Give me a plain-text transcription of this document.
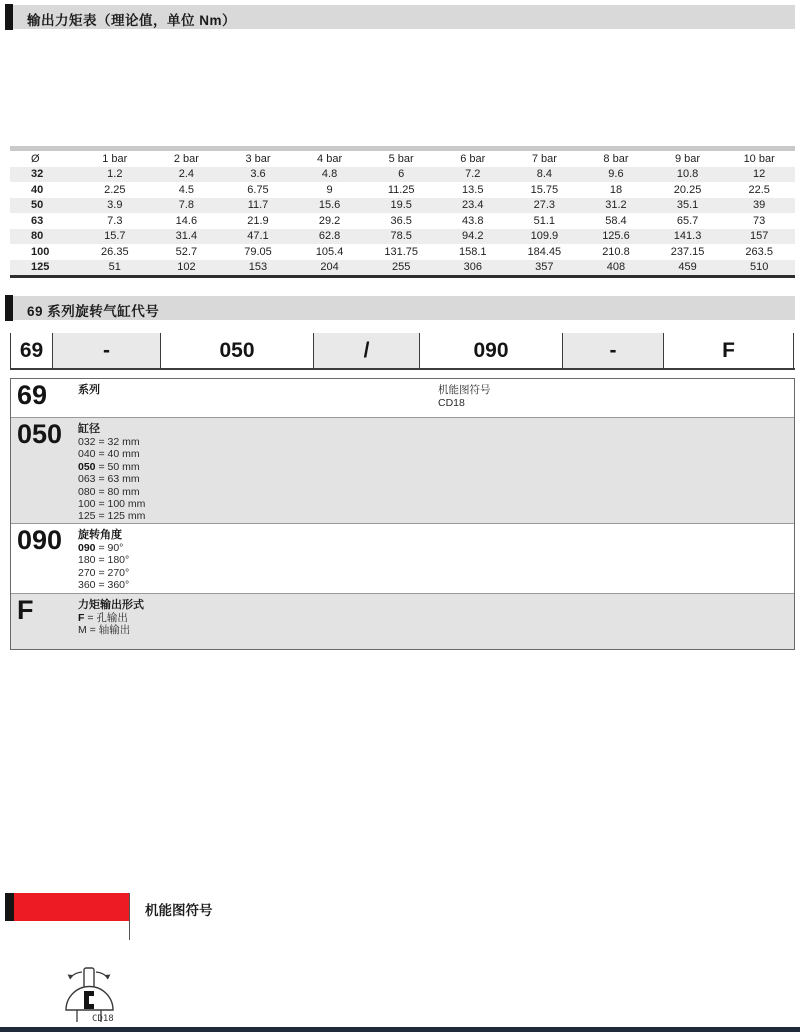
输出力矩表（理论值，单位 Nm）
Ø	1 bar	2 bar	3 bar	4 bar	5 bar	6 bar	7 bar	8 bar	9 bar	10 bar
32	1.2	2.4	3.6	4.8	6	7.2	8.4	9.6	10.8	12
40	2.25	4.5	6.75	9	11.25	13.5	15.75	18	20.25	22.5
50	3.9	7.8	11.7	15.6	19.5	23.4	27.3	31.2	35.1	39
63	7.3	14.6	21.9	29.2	36.5	43.8	51.1	58.4	65.7	73
80	15.7	31.4	47.1	62.8	78.5	94.2	109.9	125.6	141.3	157
100	26.35	52.7	79.05	105.4	131.75	158.1	184.45	210.8	237.15	263.5
125	51	102	153	204	255	306	357	408	459	510
69 系列旋转气缸代号
69	-	050	/	090	-	F
69	系列	机能图符号
CD18
050	缸径
032 = 32 mm
040 = 40 mm
050 = 50 mm
063 = 63 mm
080 = 80 mm
100 = 100 mm
125 = 125 mm
090	旋转角度
090 = 90°
180 = 180°
270 = 270°
360 = 360°
F	力矩输出形式
F = 孔输出
M = 轴输出
机能图符号
CD18
